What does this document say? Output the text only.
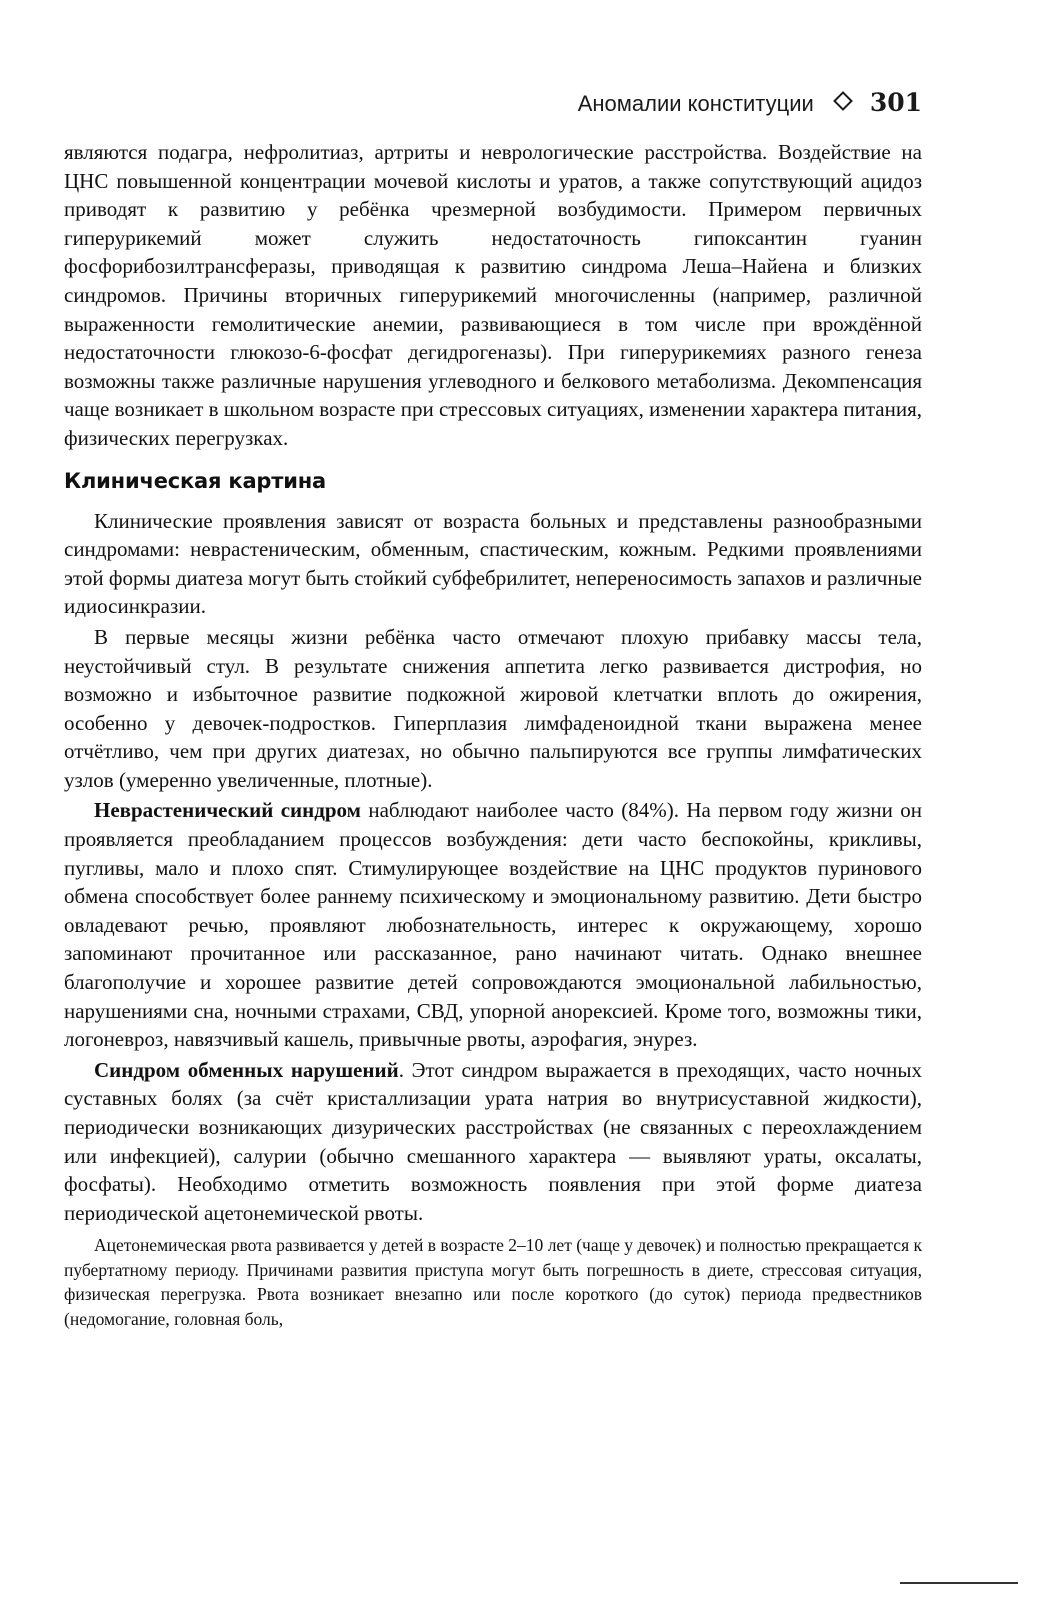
Аномалии конституции 301

являются подагра, нефролитиаз, артриты и неврологические расстройства. Воздействие на ЦНС повышенной концентрации мочевой кислоты и уратов, а также сопутствующий ацидоз приводят к развитию у ребёнка чрезмерной возбудимости. Примером первичных гиперурикемий может служить недостаточность гипоксантин гуанин фосфорибозилтрансферазы, приводящая к развитию синдрома Леша–Найена и близких синдромов. Причины вторичных гиперурикемий многочисленны (например, различной выраженности гемолитические анемии, развивающиеся в том числе при врождённой недостаточности глюкозо-6-фосфат дегидрогеназы). При гиперурикемиях разного генеза возможны также различные нарушения углеводного и белкового метаболизма. Декомпенсация чаще возникает в школьном возрасте при стрессовых ситуациях, изменении характера питания, физических перегрузках.

Клиническая картина

Клинические проявления зависят от возраста больных и представлены разнообразными синдромами: неврастеническим, обменным, спастическим, кожным. Редкими проявлениями этой формы диатеза могут быть стойкий субфебрилитет, непереносимость запахов и различные идиосинкразии.

В первые месяцы жизни ребёнка часто отмечают плохую прибавку массы тела, неустойчивый стул. В результате снижения аппетита легко развивается дистрофия, но возможно и избыточное развитие подкожной жировой клетчатки вплоть до ожирения, особенно у девочек-подростков. Гиперплазия лимфаденоидной ткани выражена менее отчётливо, чем при других диатезах, но обычно пальпируются все группы лимфатических узлов (умеренно увеличенные, плотные).

Неврастенический синдром наблюдают наиболее часто (84%). На первом году жизни он проявляется преобладанием процессов возбуждения: дети часто беспокойны, крикливы, пугливы, мало и плохо спят. Стимулирующее воздействие на ЦНС продуктов пуринового обмена способствует более раннему психическому и эмоциональному развитию. Дети быстро овладевают речью, проявляют любознательность, интерес к окружающему, хорошо запоминают прочитанное или рассказанное, рано начинают читать. Однако внешнее благополучие и хорошее развитие детей сопровождаются эмоциональной лабильностью, нарушениями сна, ночными страхами, СВД, упорной анорексией. Кроме того, возможны тики, логоневроз, навязчивый кашель, привычные рвоты, аэрофагия, энурез.

Синдром обменных нарушений. Этот синдром выражается в преходящих, часто ночных суставных болях (за счёт кристаллизации урата натрия во внутрисуставной жидкости), периодически возникающих дизурических расстройствах (не связанных с переохлаждением или инфекцией), салурии (обычно смешанного характера — выявляют ураты, оксалаты, фосфаты). Необходимо отметить возможность появления при этой форме диатеза периодической ацетонемической рвоты.

Ацетонемическая рвота развивается у детей в возрасте 2–10 лет (чаще у девочек) и полностью прекращается к пубертатному периоду. Причинами развития приступа могут быть погрешность в диете, стрессовая ситуация, физическая перегрузка. Рвота возникает внезапно или после короткого (до суток) периода предвестников (недомогание, головная боль,
